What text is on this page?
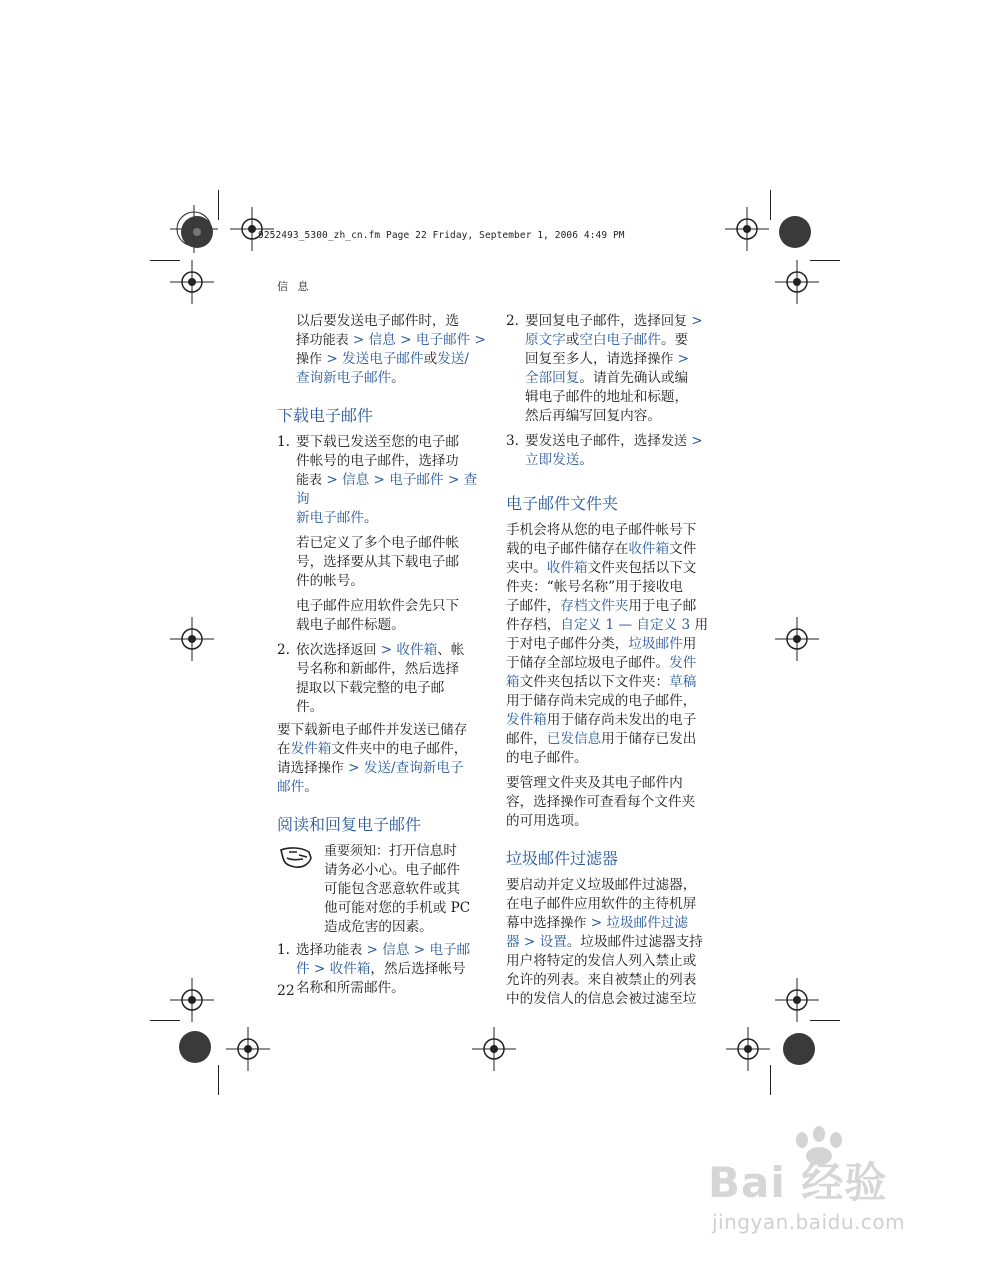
9252493_5300_zh_cn.fm Page 22 Friday, September 1, 2006 4:49 PM
信 息
22
以后要发送电子邮件时，选
择功能表 > 信息 > 电子邮件 >
操作 > 发送电子邮件或发送/
查询新电子邮件。
下载电子邮件
1. 要下载已发送至您的电子邮
件帐号的电子邮件，选择功
能表 > 信息 > 电子邮件 > 查询
新电子邮件。
若已定义了多个电子邮件帐
号，选择要从其下载电子邮
件的帐号。
电子邮件应用软件会先只下
载电子邮件标题。
2. 依次选择返回 > 收件箱、帐
号名称和新邮件，然后选择
提取以下载完整的电子邮
件。
要下载新电子邮件并发送已储存
在发件箱文件夹中的电子邮件，
请选择操作 > 发送/查询新电子
邮件。
阅读和回复电子邮件
重要须知：打开信息时
请务必小心。电子邮件
可能包含恶意软件或其
他可能对您的手机或 PC
造成危害的因素。
1. 选择功能表 > 信息 > 电子邮
件 > 收件箱，然后选择帐号
名称和所需邮件。
2. 要回复电子邮件，选择回复 >
原文字或空白电子邮件。要
回复至多人，请选择操作 >
全部回复。请首先确认或编
辑电子邮件的地址和标题，
然后再编写回复内容。
3. 要发送电子邮件，选择发送 >
立即发送。
电子邮件文件夹
手机会将从您的电子邮件帐号下
载的电子邮件储存在收件箱文件
夹中。收件箱文件夹包括以下文
件夹：“帐号名称”用于接收电
子邮件，存档文件夹用于电子邮
件存档，自定义 1 — 自定义 3 用
于对电子邮件分类，垃圾邮件用
于储存全部垃圾电子邮件。发件
箱文件夹包括以下文件夹：草稿
用于储存尚未完成的电子邮件，
发件箱用于储存尚未发出的电子
邮件，已发信息用于储存已发出
的电子邮件。
要管理文件夹及其电子邮件内
容，选择操作可查看每个文件夹
的可用选项。
垃圾邮件过滤器
要启动并定义垃圾邮件过滤器，
在电子邮件应用软件的主待机屏
幕中选择操作 > 垃圾邮件过滤
器 > 设置。垃圾邮件过滤器支持
用户将特定的发信人列入禁止或
允许的列表。来自被禁止的列表
中的发信人的信息会被过滤至垃
Bai 经验
jingyan.baidu.com
